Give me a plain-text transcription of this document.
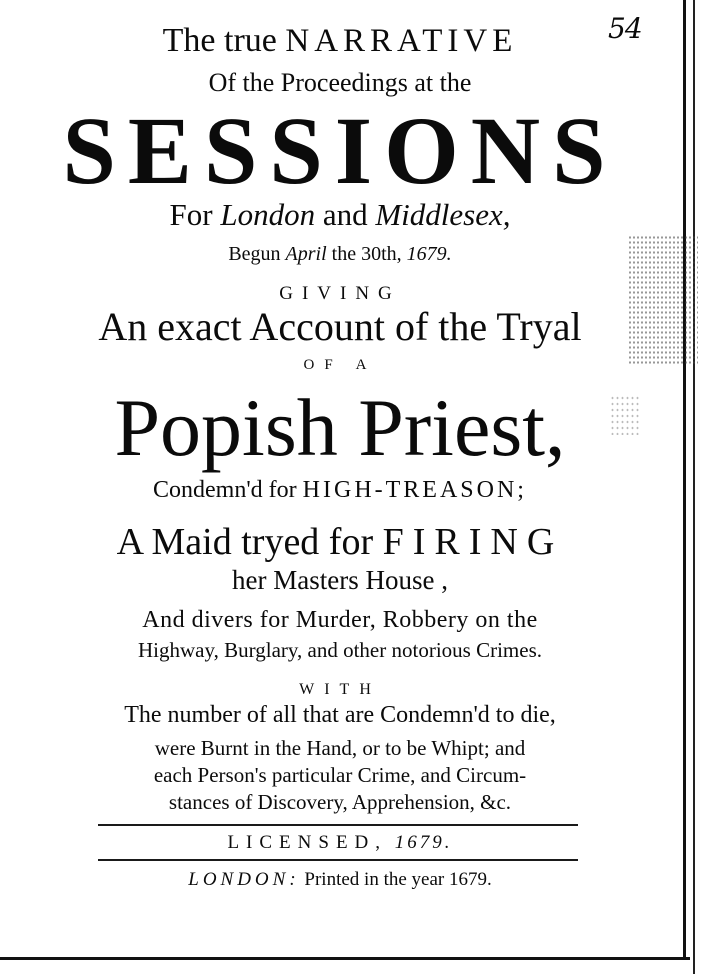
54
The true NARRATIVE
Of the Proceedings at the
SESSIONS
For London and Middlesex,
Begun April the 30th, 1679.
GIVING
An exact Account of the Tryal
OF A
Popish Priest,
Condemn'd for HIGH-TREASON;
A Maid tryed for FIRING
her Masters House ,
And divers for Murder, Robbery on the
Highway, Burglary, and other notorious Crimes.
WITH
The number of all that are Condemn'd to die,
were Burnt in the Hand, or to be Whipt; and
each Person's particular Crime, and Circum-
stances of Discovery, Apprehension, &c.
LICENSED, 1679.
LONDON: Printed in the year 1679.
